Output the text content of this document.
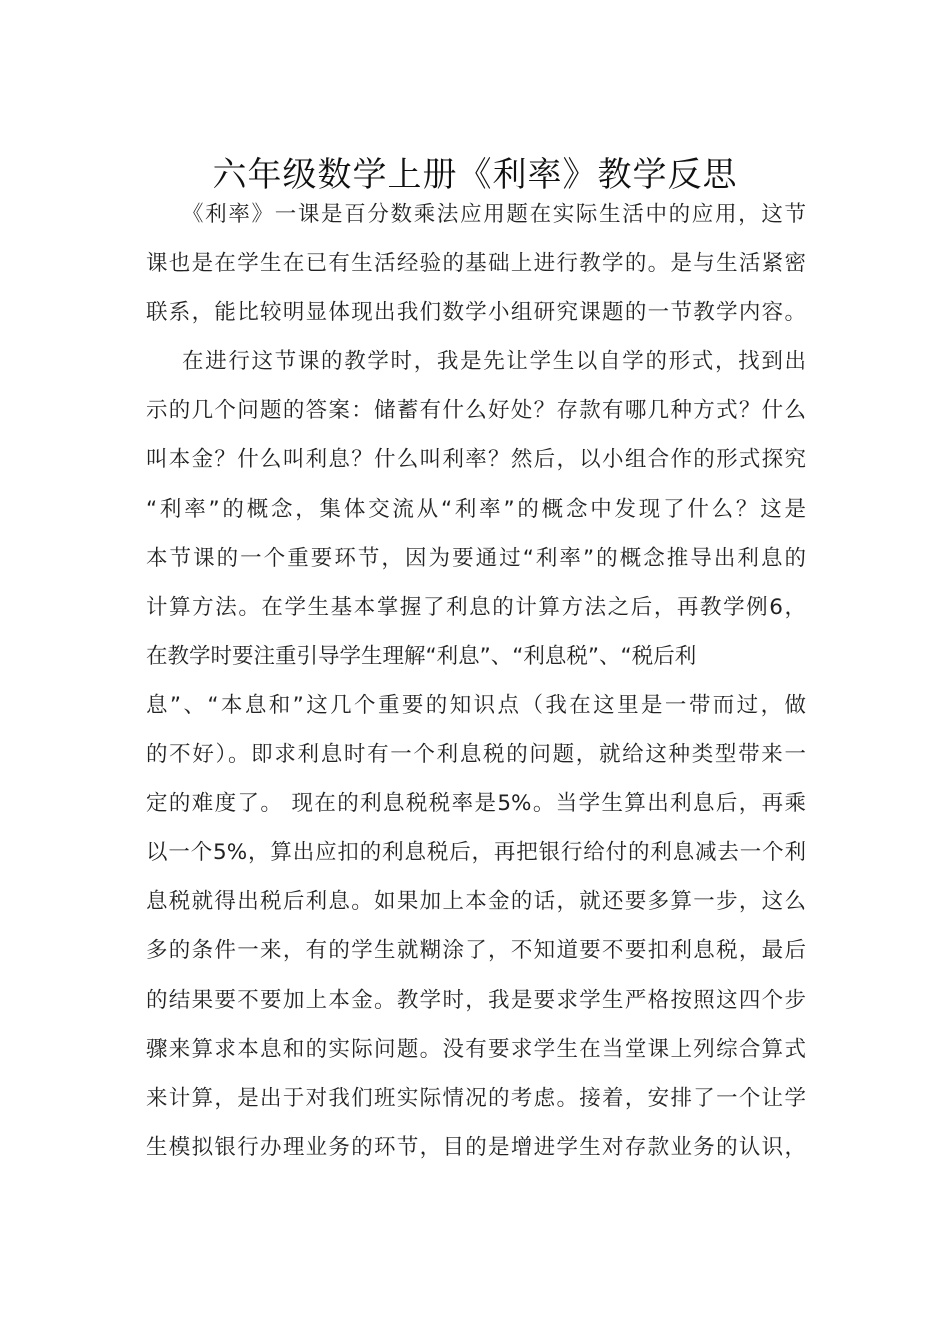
六年级数学上册《利率》教学反思
《利率》一课是百分数乘法应用题在实际生活中的应用，这节
课也是在学生在已有生活经验的基础上进行教学的。是与生活紧密
联系，能比较明显体现出我们数学小组研究课题的一节教学内容。
在进行这节课的教学时，我是先让学生以自学的形式，找到出
示的几个问题的答案：储蓄有什么好处？存款有哪几种方式？什么
叫本金？什么叫利息？什么叫利率？然后，以小组合作的形式探究
“利率”的概念，集体交流从“利率”的概念中发现了什么？这是
本节课的一个重要环节，因为要通过“利率”的概念推导出利息的
计算方法。在学生基本掌握了利息的计算方法之后，再教学例6，
在教学时要注重引导学生理解“利息”、“利息税”、“税后利
息”、“本息和”这几个重要的知识点（我在这里是一带而过，做
的不好）。即求利息时有一个利息税的问题，就给这种类型带来一
定的难度了。 现在的利息税税率是5%。当学生算出利息后，再乘
以一个5%，算出应扣的利息税后，再把银行给付的利息减去一个利
息税就得出税后利息。如果加上本金的话，就还要多算一步，这么
多的条件一来，有的学生就糊涂了，不知道要不要扣利息税，最后
的结果要不要加上本金。教学时，我是要求学生严格按照这四个步
骤来算求本息和的实际问题。没有要求学生在当堂课上列综合算式
来计算，是出于对我们班实际情况的考虑。接着，安排了一个让学
生模拟银行办理业务的环节，目的是增进学生对存款业务的认识，
